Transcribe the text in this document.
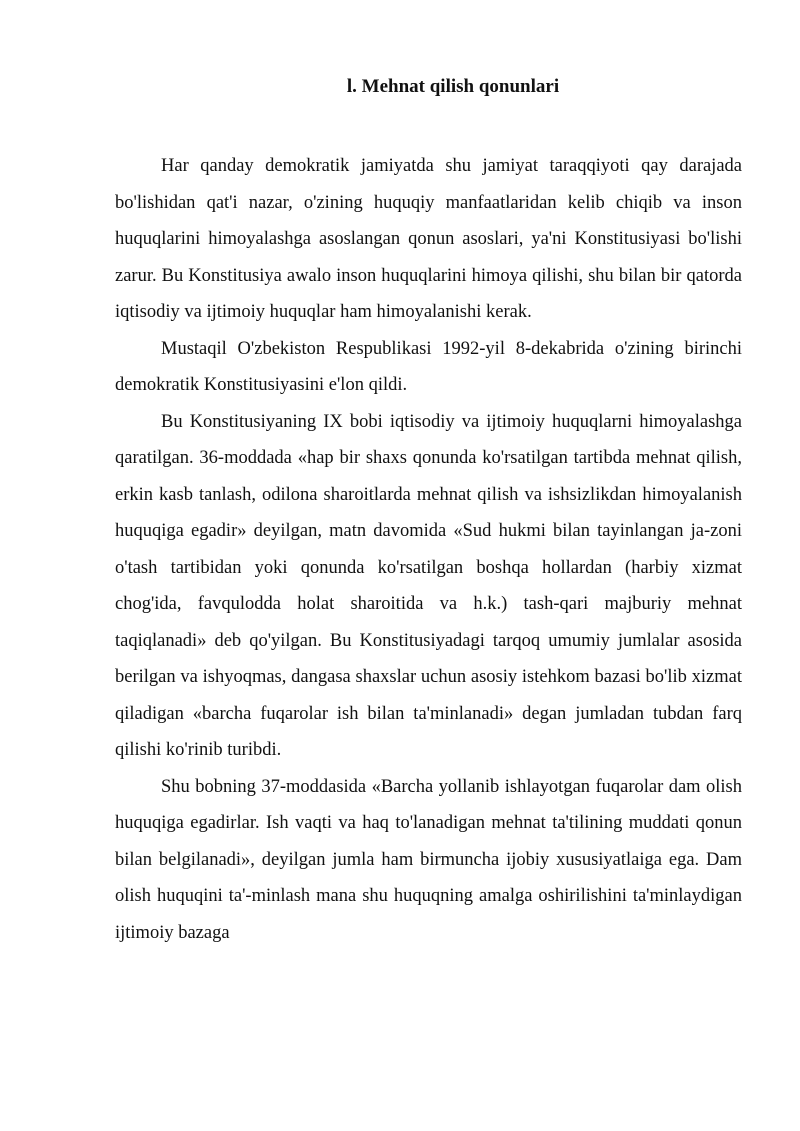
l. Mehnat qilish qonunlari

Har qanday demokratik jamiyatda shu jamiyat taraqqiyoti qay darajada bo'lishidan qat'i nazar, o'zining huquqiy manfaatlaridan kelib chiqib va inson huquqlarini himoyalashga asoslangan qonun asoslari, ya'ni Konstitusiyasi bo'lishi zarur. Bu Konstitusiya awalo inson huquqlarini himoya qilishi, shu bilan bir qatorda iqtisodiy va ijtimoiy huquqlar ham himoyalanishi kerak.

Mustaqil O'zbekiston Respublikasi 1992-yil 8-dekabrida o'zining birinchi demokratik Konstitusiyasini e'lon qildi.

Bu Konstitusiyaning IX bobi iqtisodiy va ijtimoiy huquqlarni himoyalashga qaratilgan. 36-moddada «hap bir shaxs qonunda ko'rsatilgan tartibda mehnat qilish, erkin kasb tanlash, odilona sharoitlarda mehnat qilish va ishsizlikdan himoyalanish huquqiga egadir» deyilgan, matn davomida «Sud hukmi bilan tayinlangan ja-zoni o'tash tartibidan yoki qonunda ko'rsatilgan boshqa hollardan (harbiy xizmat chog'ida, favqulodda holat sharoitida va h.k.) tash-qari majburiy mehnat taqiqlanadi» deb qo'yilgan. Bu Konstitusiyadagi tarqoq umumiy jumlalar asosida berilgan va ishyoqmas, dangasa shaxslar uchun asosiy istehkom bazasi bo'lib xizmat qiladigan «barcha fuqarolar ish bilan ta'minlanadi» degan jumladan tubdan farq qilishi ko'rinib turibdi.

Shu bobning 37-moddasida «Barcha yollanib ishlayotgan fuqarolar dam olish huquqiga egadirlar. Ish vaqti va haq to'lanadigan mehnat ta'tilining muddati qonun bilan belgilanadi», deyilgan jumla ham birmuncha ijobiy xususiyatlaiga ega. Dam olish huquqini ta'-minlash mana shu huquqning amalga oshirilishini ta'minlaydigan ijtimoiy bazaga
